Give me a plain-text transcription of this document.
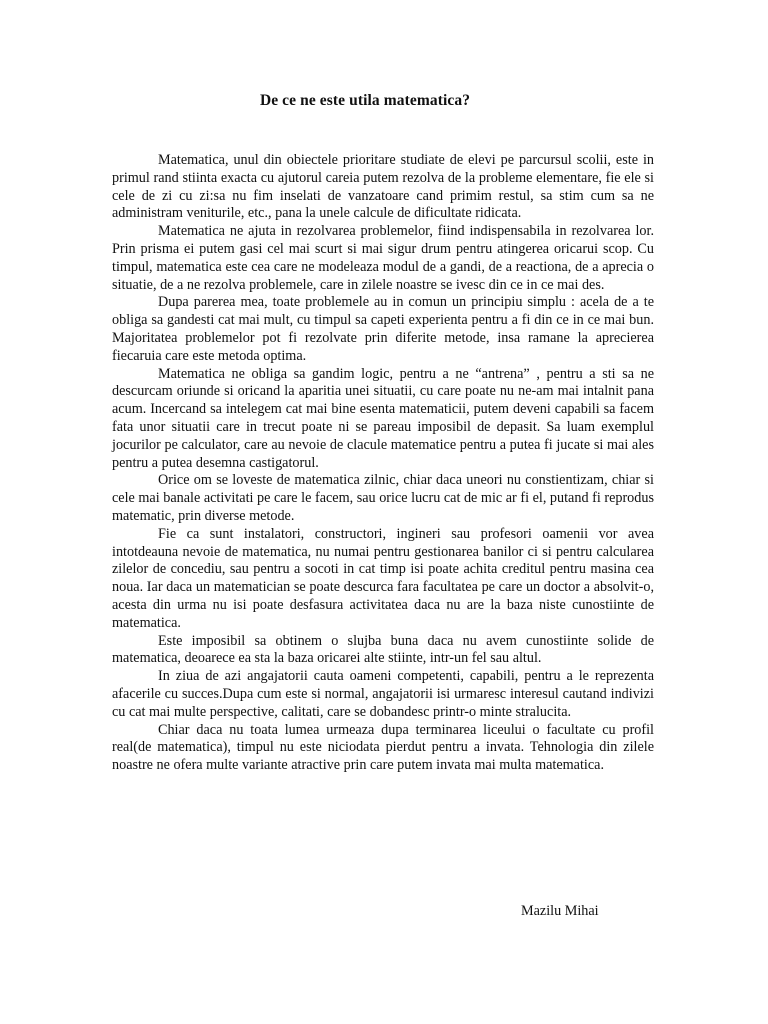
De ce ne este utila matematica?

Matematica, unul din obiectele prioritare studiate de elevi pe parcursul scolii, este in primul rand stiinta exacta cu ajutorul careia putem rezolva de la probleme elementare, fie ele si cele de zi cu zi:sa nu fim inselati de vanzatoare cand primim restul, sa stim cum sa ne administram veniturile, etc., pana la unele calcule de dificultate ridicata.

Matematica ne ajuta in rezolvarea problemelor, fiind indispensabila in rezolvarea lor. Prin prisma ei putem gasi cel mai scurt si mai sigur drum pentru atingerea oricarui scop. Cu timpul, matematica este cea care ne modeleaza modul de a gandi, de a reactiona, de a aprecia o situatie, de a ne rezolva problemele, care in zilele noastre se ivesc din ce in ce mai des.

Dupa parerea mea, toate problemele au in comun un principiu simplu : acela de a te obliga sa gandesti cat mai mult, cu timpul sa capeti experienta pentru a fi din ce in ce mai bun. Majoritatea problemelor pot fi rezolvate prin diferite metode, insa ramane la aprecierea fiecaruia care este metoda optima.

Matematica ne obliga sa gandim logic, pentru a ne “antrena” , pentru a sti sa ne descurcam oriunde si oricand la aparitia unei situatii, cu care poate nu ne-am mai intalnit pana acum. Incercand sa intelegem cat mai bine esenta matematicii, putem deveni capabili sa facem fata unor situatii care in trecut poate ni se pareau imposibil de depasit. Sa luam exemplul jocurilor pe calculator, care au nevoie de clacule matematice pentru a putea fi jucate si mai ales pentru a putea desemna castigatorul.

Orice om se loveste de matematica zilnic, chiar daca uneori nu constientizam, chiar si cele mai banale activitati pe care le facem, sau orice lucru cat de mic ar fi el, putand fi reprodus matematic, prin diverse metode.

Fie ca sunt instalatori, constructori, ingineri sau profesori oamenii vor avea intotdeauna nevoie de matematica, nu numai pentru gestionarea banilor ci si pentru calcularea zilelor de concediu, sau pentru a socoti in cat timp isi poate achita creditul pentru masina cea noua. Iar daca un matematician se poate descurca fara facultatea pe care un doctor a absolvit-o, acesta din urma nu isi poate desfasura activitatea daca nu are la baza niste cunostiinte de matematica.

Este imposibil sa obtinem o slujba buna daca nu avem cunostiinte solide de matematica, deoarece ea sta la baza oricarei alte stiinte, intr-un fel sau altul.

In ziua de azi angajatorii cauta oameni competenti, capabili, pentru a le reprezenta afacerile cu succes.Dupa cum este si normal, angajatorii isi urmaresc interesul cautand indivizi cu cat mai multe perspective, calitati, care se dobandesc printr-o minte stralucita.

Chiar daca nu toata lumea urmeaza dupa terminarea liceului o facultate cu profil real(de matematica), timpul nu este niciodata pierdut pentru a invata. Tehnologia din zilele noastre ne ofera multe variante atractive prin care putem invata mai multa matematica.

Mazilu Mihai
